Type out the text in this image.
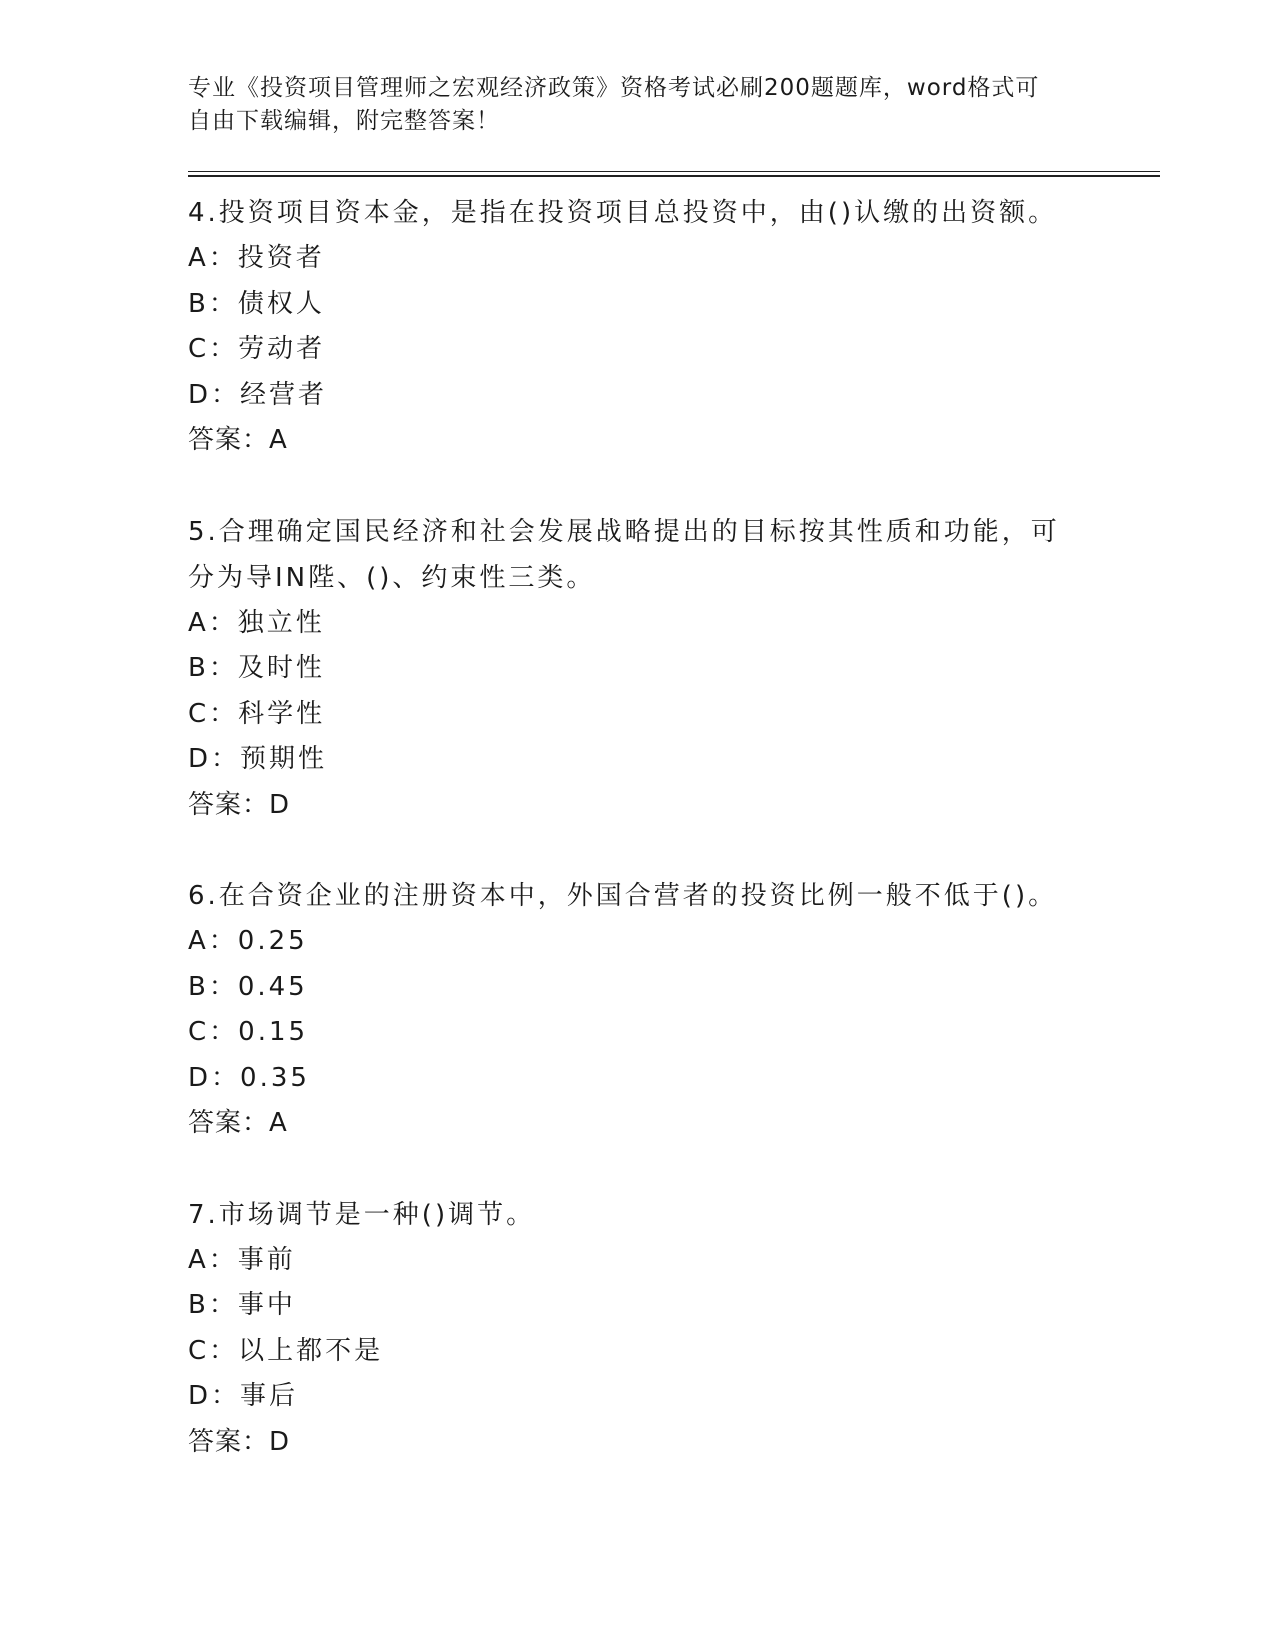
专业《投资项目管理师之宏观经济政策》资格考试必刷200题题库，word格式可
自由下载编辑，附完整答案！

4.投资项目资本金，是指在投资项目总投资中，由()认缴的出资额。

A：投资者

B：债权人

C：劳动者

D：经营者

答案：A

5.合理确定国民经济和社会发展战略提出的目标按其性质和功能，可

分为导IN陛、()、约束性三类。

A：独立性

B：及时性

C：科学性

D：预期性

答案：D

6.在合资企业的注册资本中，外国合营者的投资比例一般不低于()。

A：0.25

B：0.45

C：0.15

D：0.35

答案：A

7.市场调节是一种()调节。

A：事前

B：事中

C：以上都不是

D：事后

答案：D
